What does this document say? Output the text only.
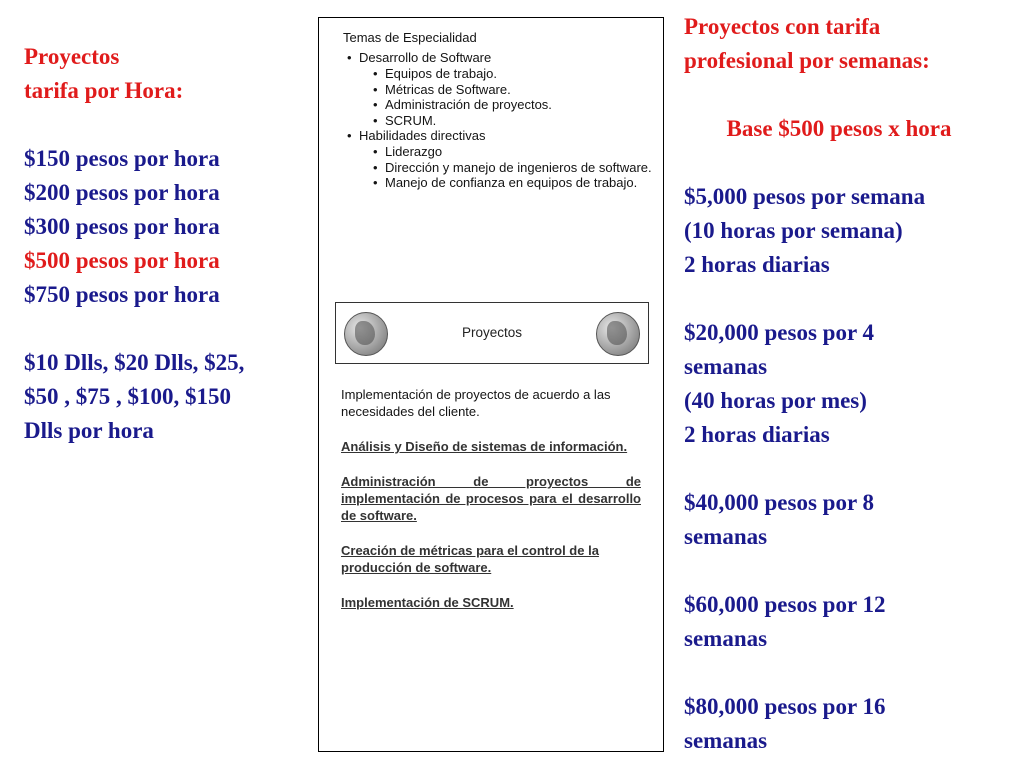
Proyectos
tarifa por Hora:
$150 pesos por hora
$200 pesos por hora
$300 pesos por hora
$500 pesos por hora
$750 pesos por hora
$10 Dlls, $20 Dlls, $25,
$50 , $75 , $100, $150
Dlls por hora
Temas de Especialidad
• Desarrollo de Software
• Equipos de trabajo.
• Métricas de Software.
• Administración de proyectos.
• SCRUM.
• Habilidades directivas
• Liderazgo
• Dirección y manejo de ingenieros de software.
• Manejo de confianza en equipos de trabajo.
Proyectos

Implementación de proyectos de acuerdo a las necesidades del cliente.

Análisis y Diseño de sistemas de información.

Administración de proyectos de implementación de procesos para el desarrollo de software.

Creación de métricas para el control de la producción de software.

Implementación de SCRUM.

Proyectos con tarifa
profesional por semanas:
Base $500 pesos x hora
$5,000 pesos por semana
(10 horas por semana)
2 horas diarias
$20,000 pesos por 4
semanas
(40 horas por mes)
2 horas diarias
$40,000 pesos por 8
semanas
$60,000 pesos por 12
semanas
$80,000 pesos por 16
semanas
